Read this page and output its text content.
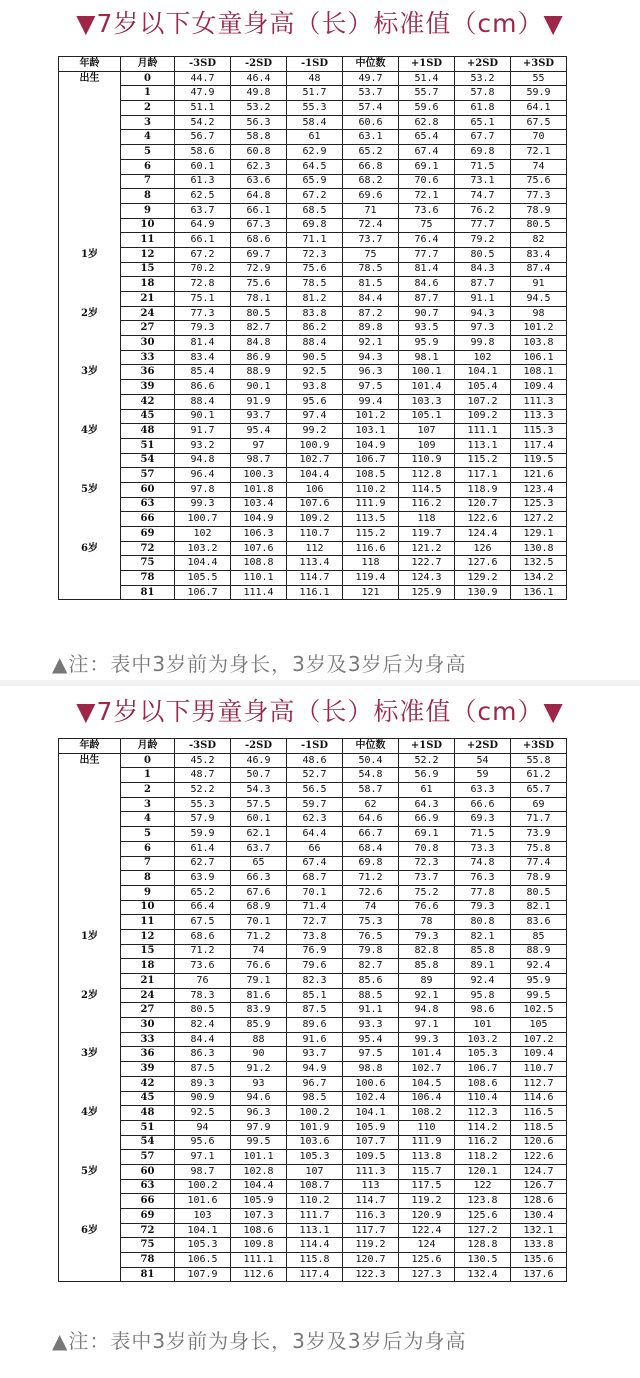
▼7岁以下女童身高（长）标准值（cm）▼
年龄	月龄	-3SD	-2SD	-1SD	中位数	+1SD	+2SD	+3SD
出生	0	44.7	46.4	48	49.7	51.4	53.2	55
	1	47.9	49.8	51.7	53.7	55.7	57.8	59.9
	2	51.1	53.2	55.3	57.4	59.6	61.8	64.1
	3	54.2	56.3	58.4	60.6	62.8	65.1	67.5
	4	56.7	58.8	61	63.1	65.4	67.7	70
	5	58.6	60.8	62.9	65.2	67.4	69.8	72.1
	6	60.1	62.3	64.5	66.8	69.1	71.5	74
	7	61.3	63.6	65.9	68.2	70.6	73.1	75.6
	8	62.5	64.8	67.2	69.6	72.1	74.7	77.3
	9	63.7	66.1	68.5	71	73.6	76.2	78.9
	10	64.9	67.3	69.8	72.4	75	77.7	80.5
	11	66.1	68.6	71.1	73.7	76.4	79.2	82
1岁	12	67.2	69.7	72.3	75	77.7	80.5	83.4
	15	70.2	72.9	75.6	78.5	81.4	84.3	87.4
	18	72.8	75.6	78.5	81.5	84.6	87.7	91
	21	75.1	78.1	81.2	84.4	87.7	91.1	94.5
2岁	24	77.3	80.5	83.8	87.2	90.7	94.3	98
	27	79.3	82.7	86.2	89.8	93.5	97.3	101.2
	30	81.4	84.8	88.4	92.1	95.9	99.8	103.8
	33	83.4	86.9	90.5	94.3	98.1	102	106.1
3岁	36	85.4	88.9	92.5	96.3	100.1	104.1	108.1
	39	86.6	90.1	93.8	97.5	101.4	105.4	109.4
	42	88.4	91.9	95.6	99.4	103.3	107.2	111.3
	45	90.1	93.7	97.4	101.2	105.1	109.2	113.3
4岁	48	91.7	95.4	99.2	103.1	107	111.1	115.3
	51	93.2	97	100.9	104.9	109	113.1	117.4
	54	94.8	98.7	102.7	106.7	110.9	115.2	119.5
	57	96.4	100.3	104.4	108.5	112.8	117.1	121.6
5岁	60	97.8	101.8	106	110.2	114.5	118.9	123.4
	63	99.3	103.4	107.6	111.9	116.2	120.7	125.3
	66	100.7	104.9	109.2	113.5	118	122.6	127.2
	69	102	106.3	110.7	115.2	119.7	124.4	129.1
6岁	72	103.2	107.6	112	116.6	121.2	126	130.8
	75	104.4	108.8	113.4	118	122.7	127.6	132.5
	78	105.5	110.1	114.7	119.4	124.3	129.2	134.2
	81	106.7	111.4	116.1	121	125.9	130.9	136.1
▲注：表中3岁前为身长，3岁及3岁后为身高
▼7岁以下男童身高（长）标准值（cm）▼
年龄	月龄	-3SD	-2SD	-1SD	中位数	+1SD	+2SD	+3SD
出生	0	45.2	46.9	48.6	50.4	52.2	54	55.8
	1	48.7	50.7	52.7	54.8	56.9	59	61.2
	2	52.2	54.3	56.5	58.7	61	63.3	65.7
	3	55.3	57.5	59.7	62	64.3	66.6	69
	4	57.9	60.1	62.3	64.6	66.9	69.3	71.7
	5	59.9	62.1	64.4	66.7	69.1	71.5	73.9
	6	61.4	63.7	66	68.4	70.8	73.3	75.8
	7	62.7	65	67.4	69.8	72.3	74.8	77.4
	8	63.9	66.3	68.7	71.2	73.7	76.3	78.9
	9	65.2	67.6	70.1	72.6	75.2	77.8	80.5
	10	66.4	68.9	71.4	74	76.6	79.3	82.1
	11	67.5	70.1	72.7	75.3	78	80.8	83.6
1岁	12	68.6	71.2	73.8	76.5	79.3	82.1	85
	15	71.2	74	76.9	79.8	82.8	85.8	88.9
	18	73.6	76.6	79.6	82.7	85.8	89.1	92.4
	21	76	79.1	82.3	85.6	89	92.4	95.9
2岁	24	78.3	81.6	85.1	88.5	92.1	95.8	99.5
	27	80.5	83.9	87.5	91.1	94.8	98.6	102.5
	30	82.4	85.9	89.6	93.3	97.1	101	105
	33	84.4	88	91.6	95.4	99.3	103.2	107.2
3岁	36	86.3	90	93.7	97.5	101.4	105.3	109.4
	39	87.5	91.2	94.9	98.8	102.7	106.7	110.7
	42	89.3	93	96.7	100.6	104.5	108.6	112.7
	45	90.9	94.6	98.5	102.4	106.4	110.4	114.6
4岁	48	92.5	96.3	100.2	104.1	108.2	112.3	116.5
	51	94	97.9	101.9	105.9	110	114.2	118.5
	54	95.6	99.5	103.6	107.7	111.9	116.2	120.6
	57	97.1	101.1	105.3	109.5	113.8	118.2	122.6
5岁	60	98.7	102.8	107	111.3	115.7	120.1	124.7
	63	100.2	104.4	108.7	113	117.5	122	126.7
	66	101.6	105.9	110.2	114.7	119.2	123.8	128.6
	69	103	107.3	111.7	116.3	120.9	125.6	130.4
6岁	72	104.1	108.6	113.1	117.7	122.4	127.2	132.1
	75	105.3	109.8	114.4	119.2	124	128.8	133.8
	78	106.5	111.1	115.8	120.7	125.6	130.5	135.6
	81	107.9	112.6	117.4	122.3	127.3	132.4	137.6
▲注：表中3岁前为身长，3岁及3岁后为身高
